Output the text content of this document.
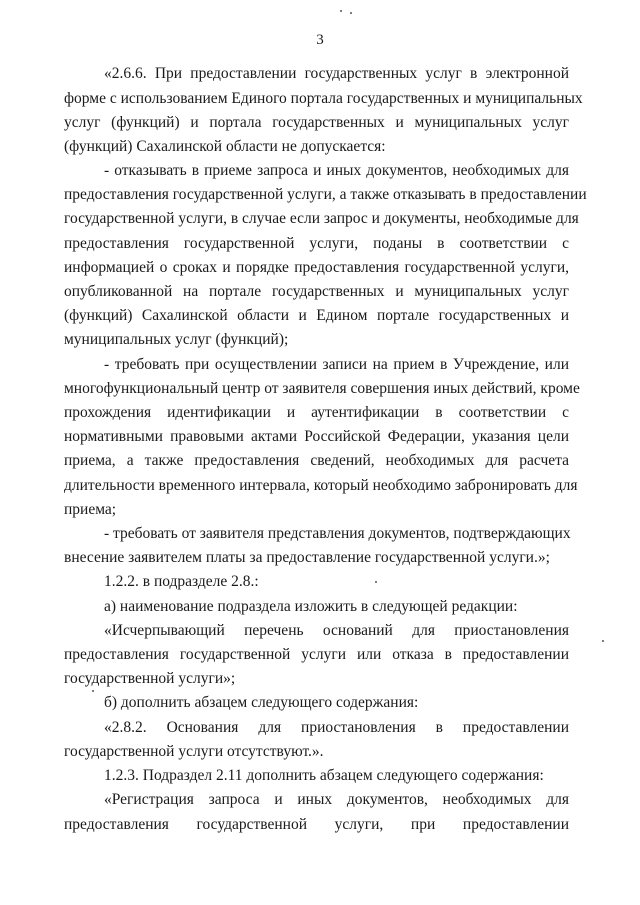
3
«2.6.6. При предоставлении государственных услуг в электронной
форме с использованием Единого портала государственных и муниципальных
услуг (функций) и портала государственных и муниципальных услуг
(функций) Сахалинской области не допускается:
- отказывать в приеме запроса и иных документов, необходимых для
предоставления государственной услуги, а также отказывать в предоставлении
государственной услуги, в случае если запрос и документы, необходимые для
предоставления государственной услуги, поданы в соответствии с
информацией о сроках и порядке предоставления государственной услуги,
опубликованной на портале государственных и муниципальных услуг
(функций) Сахалинской области и Едином портале государственных и
муниципальных услуг (функций);
- требовать при осуществлении записи на прием в Учреждение, или
многофункциональный центр от заявителя совершения иных действий, кроме
прохождения идентификации и аутентификации в соответствии с
нормативными правовыми актами Российской Федерации, указания цели
приема, а также предоставления сведений, необходимых для расчета
длительности временного интервала, который необходимо забронировать для
приема;
- требовать от заявителя представления документов, подтверждающих
внесение заявителем платы за предоставление государственной услуги.»;
1.2.2. в подразделе 2.8.:
а) наименование подраздела изложить в следующей редакции:
«Исчерпывающий перечень оснований для приостановления
предоставления государственной услуги или отказа в предоставлении
государственной услуги»;
б) дополнить абзацем следующего содержания:
«2.8.2. Основания для приостановления в предоставлении
государственной услуги отсутствуют.».
1.2.3. Подраздел 2.11 дополнить абзацем следующего содержания:
«Регистрация запроса и иных документов, необходимых для
предоставления государственной услуги, при предоставлении
